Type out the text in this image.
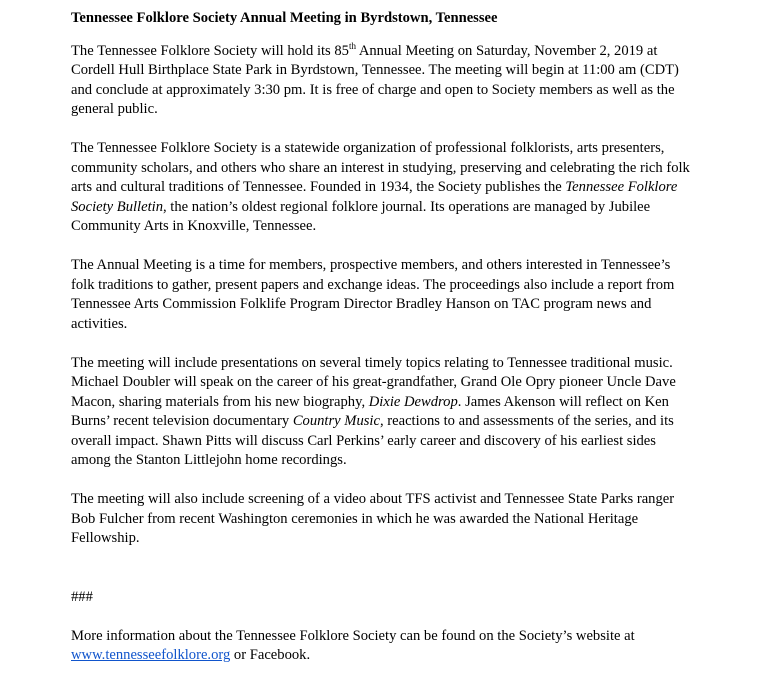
Tennessee Folklore Society Annual Meeting in Byrdstown, Tennessee

The Tennessee Folklore Society will hold its 85th Annual Meeting on Saturday, November 2, 2019 at Cordell Hull Birthplace State Park in Byrdstown, Tennessee. The meeting will begin at 11:00 am (CDT) and conclude at approximately 3:30 pm. It is free of charge and open to Society members as well as the general public.

The Tennessee Folklore Society is a statewide organization of professional folklorists, arts presenters, community scholars, and others who share an interest in studying, preserving and celebrating the rich folk arts and cultural traditions of Tennessee. Founded in 1934, the Society publishes the Tennessee Folklore Society Bulletin, the nation’s oldest regional folklore journal. Its operations are managed by Jubilee Community Arts in Knoxville, Tennessee.

The Annual Meeting is a time for members, prospective members, and others interested in Tennessee’s folk traditions to gather, present papers and exchange ideas. The proceedings also include a report from Tennessee Arts Commission Folklife Program Director Bradley Hanson on TAC program news and activities.

The meeting will include presentations on several timely topics relating to Tennessee traditional music. Michael Doubler will speak on the career of his great-grandfather, Grand Ole Opry pioneer Uncle Dave Macon, sharing materials from his new biography, Dixie Dewdrop. James Akenson will reflect on Ken Burns’ recent television documentary Country Music, reactions to and assessments of the series, and its overall impact. Shawn Pitts will discuss Carl Perkins’ early career and discovery of his earliest sides among the Stanton Littlejohn home recordings.

The meeting will also include screening of a video about TFS activist and Tennessee State Parks ranger Bob Fulcher from recent Washington ceremonies in which he was awarded the National Heritage Fellowship.

###

More information about the Tennessee Folklore Society can be found on the Society’s website at www.tennesseefolklore.org or Facebook.
